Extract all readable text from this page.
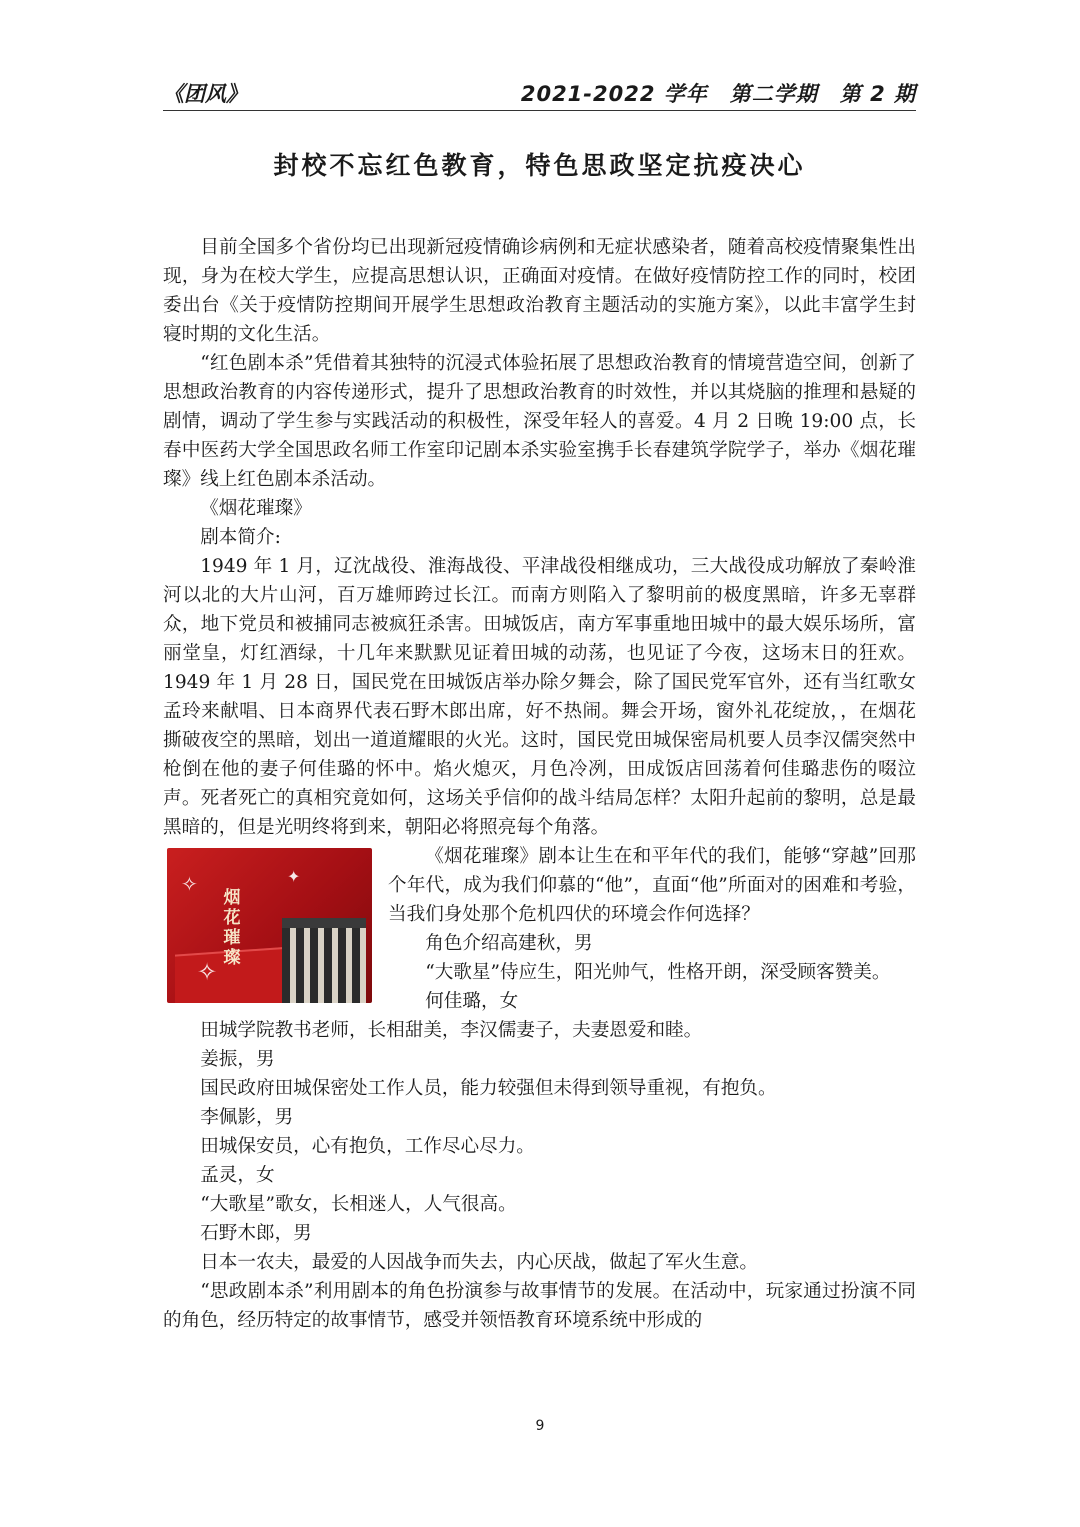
《团风》	2021-2022 学年　第二学期　第 2 期
封校不忘红色教育，特色思政坚定抗疫决心

目前全国多个省份均已出现新冠疫情确诊病例和无症状感染者，随着高校疫情聚集性出现，身为在校大学生，应提高思想认识，正确面对疫情。在做好疫情防控工作的同时，校团委出台《关于疫情防控期间开展学生思想政治教育主题活动的实施方案》，以此丰富学生封寝时期的文化生活。

“红色剧本杀”凭借着其独特的沉浸式体验拓展了思想政治教育的情境营造空间，创新了思想政治教育的内容传递形式，提升了思想政治教育的时效性，并以其烧脑的推理和悬疑的剧情，调动了学生参与实践活动的积极性，深受年轻人的喜爱。4 月 2 日晚 19:00 点，长春中医药大学全国思政名师工作室印记剧本杀实验室携手长春建筑学院学子，举办《烟花璀璨》线上红色剧本杀活动。

《烟花璀璨》

剧本简介:

1949 年 1 月，辽沈战役、淮海战役、平津战役相继成功，三大战役成功解放了秦岭淮河以北的大片山河，百万雄师跨过长江。而南方则陷入了黎明前的极度黑暗，许多无辜群众，地下党员和被捕同志被疯狂杀害。田城饭店，南方军事重地田城中的最大娱乐场所，富丽堂皇，灯红酒绿，十几年来默默见证着田城的动荡，也见证了今夜，这场末日的狂欢。1949 年 1 月 28 日，国民党在田城饭店举办除夕舞会，除了国民党军官外，还有当红歌女孟玲来献唱、日本商界代表石野木郎出席，好不热闹。舞会开场，窗外礼花绽放，，在烟花撕破夜空的黑暗，划出一道道耀眼的火光。这时，国民党田城保密局机要人员李汉儒突然中枪倒在他的妻子何佳璐的怀中。焰火熄灭，月色冷冽，田成饭店回荡着何佳璐悲伤的啜泣声。死者死亡的真相究竟如何，这场关乎信仰的战斗结局怎样？太阳升起前的黎明，总是最黑暗的，但是光明终将到来，朝阳必将照亮每个角落。

烟
花
璀
璨
✧	✦
✧

《烟花璀璨》剧本让生在和平年代的我们，能够“穿越”回那个年代，成为我们仰慕的“他”，直面“他”所面对的困难和考验，当我们身处那个危机四伏的环境会作何选择？

角色介绍高建秋，男

“大歌星”侍应生，阳光帅气，性格开朗，深受顾客赞美。

何佳璐，女

田城学院教书老师，长相甜美，李汉儒妻子，夫妻恩爱和睦。

姜振，男

国民政府田城保密处工作人员，能力较强但未得到领导重视，有抱负。

李佩影，男

田城保安员，心有抱负，工作尽心尽力。

孟灵，女

“大歌星”歌女，长相迷人，人气很高。

石野木郎，男

日本一农夫，最爱的人因战争而失去，内心厌战，做起了军火生意。

“思政剧本杀”利用剧本的角色扮演参与故事情节的发展。在活动中，玩家通过扮演不同的角色，经历特定的故事情节，感受并领悟教育环境系统中形成的

9
